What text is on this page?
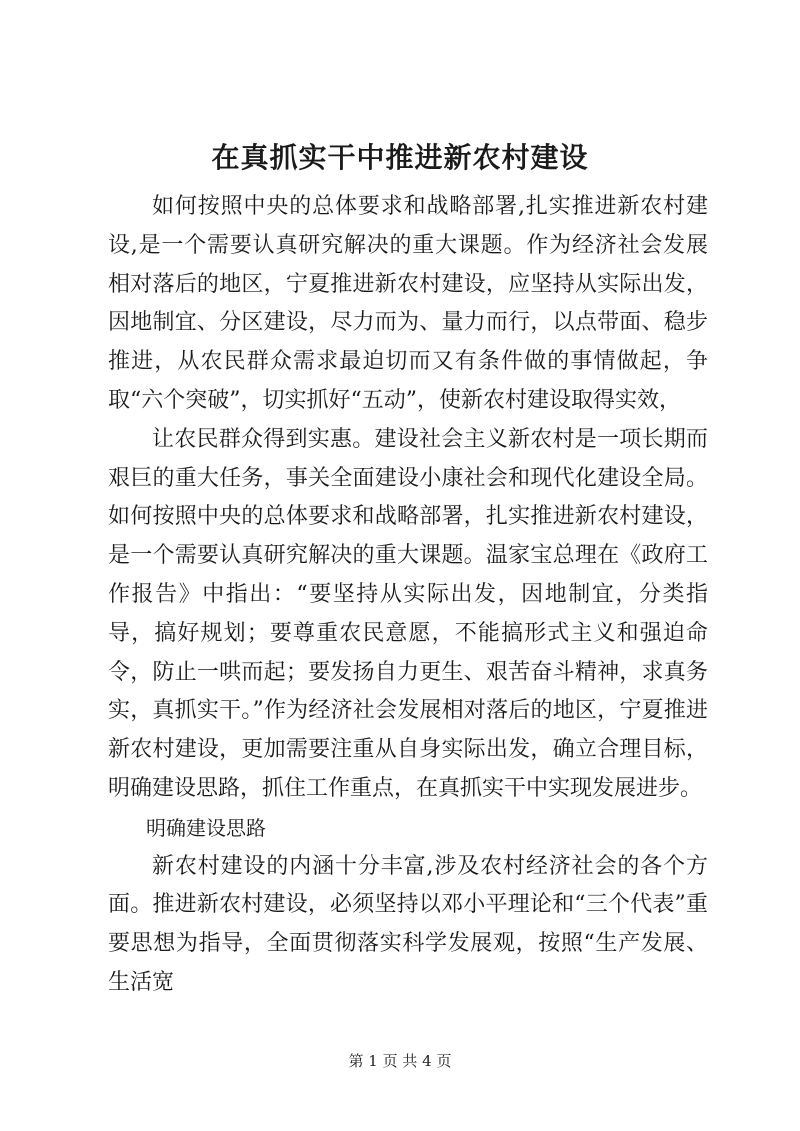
在真抓实干中推进新农村建设

如何按照中央的总体要求和战略部署,扎实推进新农村建设,是一个需要认真研究解决的重大课题。作为经济社会发展相对落后的地区，宁夏推进新农村建设，应坚持从实际出发，因地制宜、分区建设，尽力而为、量力而行，以点带面、稳步推进，从农民群众需求最迫切而又有条件做的事情做起，争取“六个突破”，切实抓好“五动”，使新农村建设取得实效，

让农民群众得到实惠。建设社会主义新农村是一项长期而艰巨的重大任务，事关全面建设小康社会和现代化建设全局。如何按照中央的总体要求和战略部署，扎实推进新农村建设，是一个需要认真研究解决的重大课题。温家宝总理在《政府工作报告》中指出：“要坚持从实际出发，因地制宜，分类指导，搞好规划；要尊重农民意愿，不能搞形式主义和强迫命令，防止一哄而起；要发扬自力更生、艰苦奋斗精神，求真务实，真抓实干。”作为经济社会发展相对落后的地区，宁夏推进新农村建设，更加需要注重从自身实际出发，确立合理目标，明确建设思路，抓住工作重点，在真抓实干中实现发展进步。

明确建设思路

新农村建设的内涵十分丰富,涉及农村经济社会的各个方面。推进新农村建设，必须坚持以邓小平理论和“三个代表”重要思想为指导，全面贯彻落实科学发展观，按照“生产发展、生活宽

第 1 页 共 4 页
